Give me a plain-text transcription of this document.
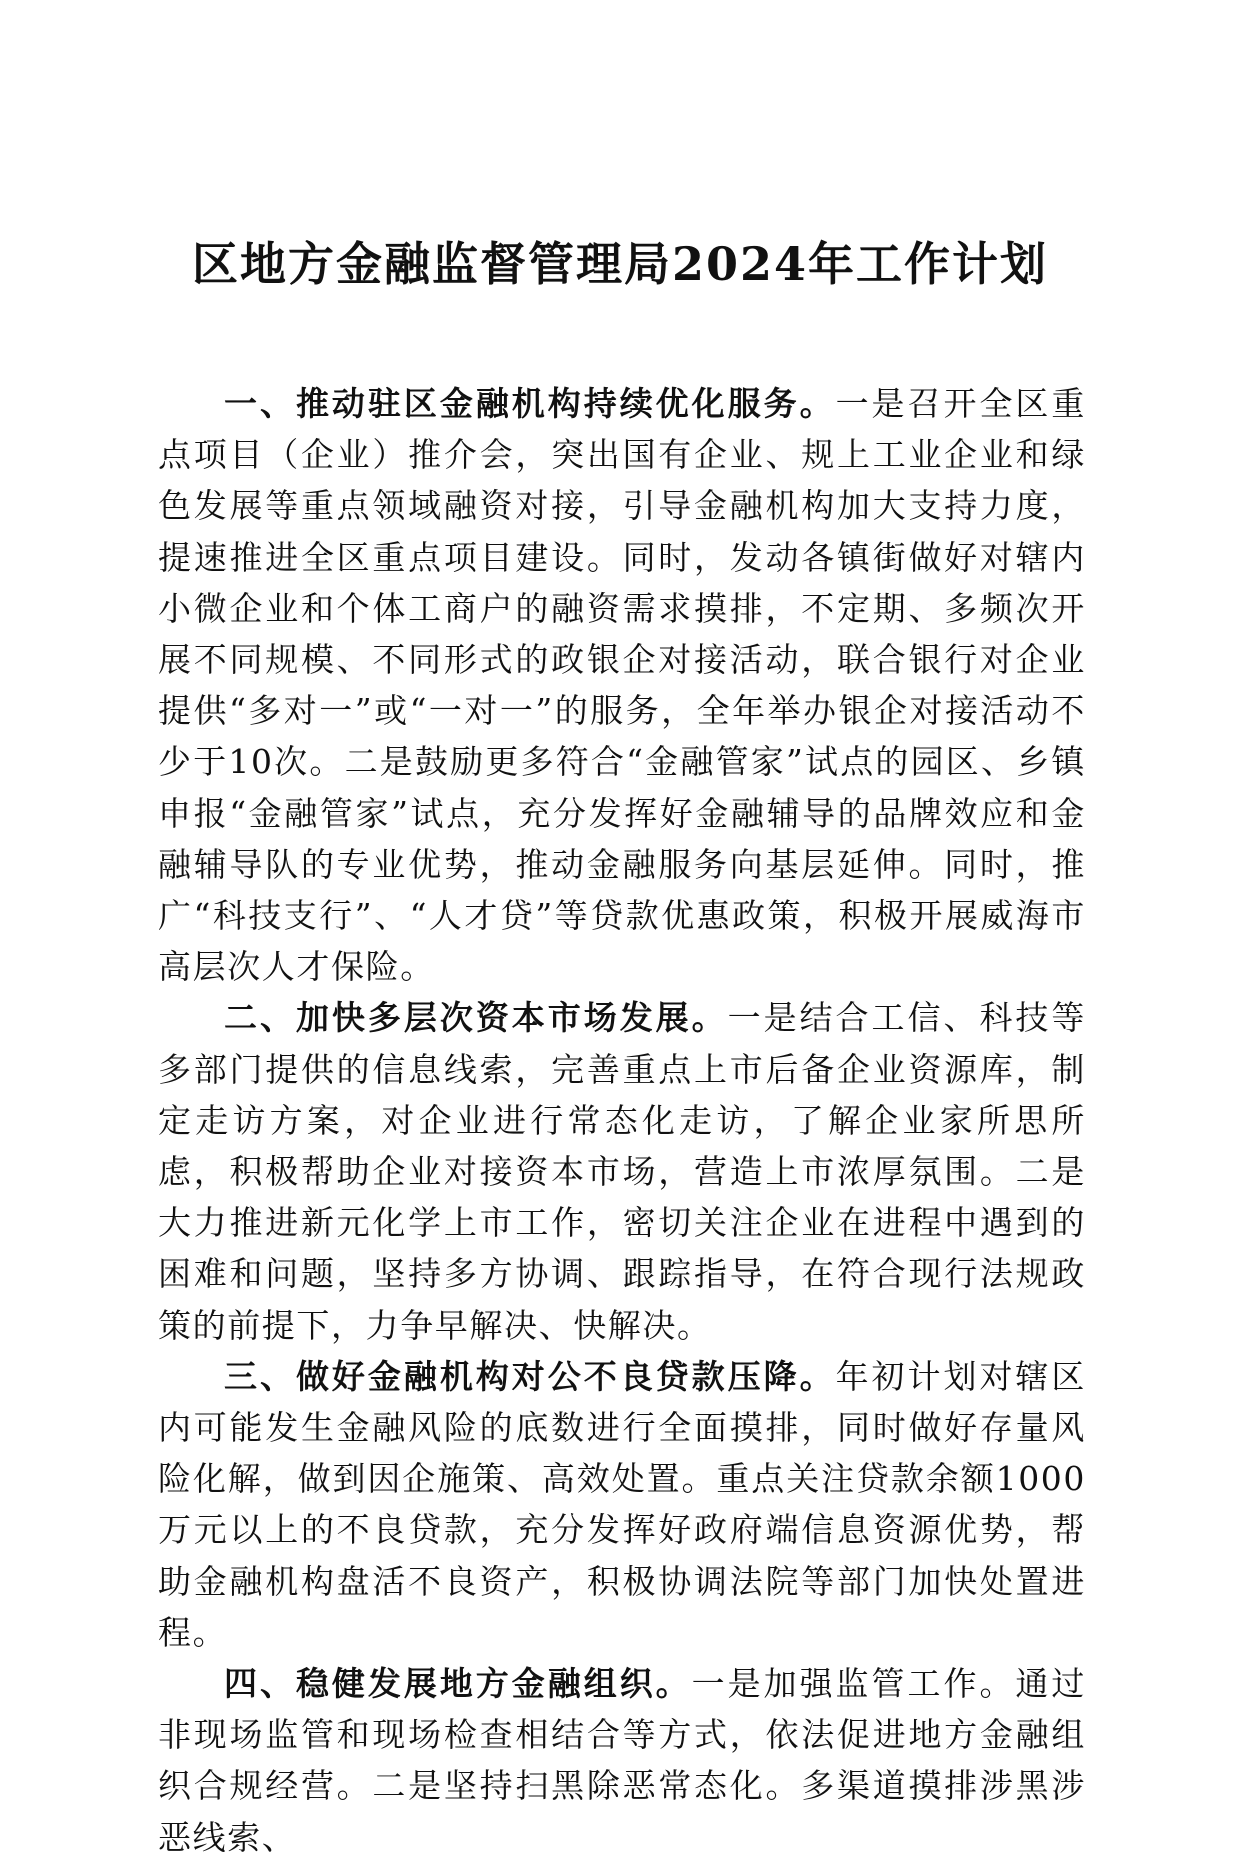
区地方金融监督管理局2024年工作计划

一、推动驻区金融机构持续优化服务。一是召开全区重点项目（企业）推介会，突出国有企业、规上工业企业和绿色发展等重点领域融资对接，引导金融机构加大支持力度，提速推进全区重点项目建设。同时，发动各镇街做好对辖内小微企业和个体工商户的融资需求摸排，不定期、多频次开展不同规模、不同形式的政银企对接活动，联合银行对企业提供“多对一”或“一对一”的服务，全年举办银企对接活动不少于10次。二是鼓励更多符合“金融管家”试点的园区、乡镇申报“金融管家”试点，充分发挥好金融辅导的品牌效应和金融辅导队的专业优势，推动金融服务向基层延伸。同时，推广“科技支行”、“人才贷”等贷款优惠政策，积极开展威海市高层次人才保险。

二、加快多层次资本市场发展。一是结合工信、科技等多部门提供的信息线索，完善重点上市后备企业资源库，制定走访方案，对企业进行常态化走访，了解企业家所思所虑，积极帮助企业对接资本市场，营造上市浓厚氛围。二是大力推进新元化学上市工作，密切关注企业在进程中遇到的困难和问题，坚持多方协调、跟踪指导，在符合现行法规政策的前提下，力争早解决、快解决。

三、做好金融机构对公不良贷款压降。年初计划对辖区内可能发生金融风险的底数进行全面摸排，同时做好存量风险化解，做到因企施策、高效处置。重点关注贷款余额1000万元以上的不良贷款，充分发挥好政府端信息资源优势，帮助金融机构盘活不良资产，积极协调法院等部门加快处置进程。

四、稳健发展地方金融组织。一是加强监管工作。通过非现场监管和现场检查相结合等方式，依法促进地方金融组织合规经营。二是坚持扫黑除恶常态化。多渠道摸排涉黑涉恶线索、
